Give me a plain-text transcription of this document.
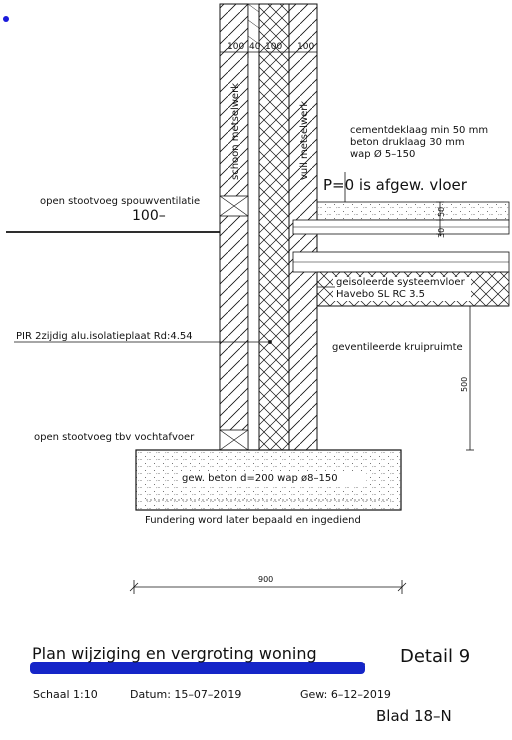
100 40 100 100
schoon metselwerk	vuil metselwerk	cementdeklaag min 50 mm
beton druklaag 30 mm
wap Ø 5–150
P=0 is afgew. vloer
50
30
500
open stootvoeg spouwventilatie
100–
PIR 2zijdig alu.isolatieplaat Rd:4.54
open stootvoeg tbv vochtafvoer
geisoleerde systeemvloer
Havebo SL RC 3.5
geventileerde kruipruimte
gew. beton d=200 wap ø8–150
Fundering word later bepaald en ingediend
900
Plan wijziging en vergroting woning	Detail 9
Schaal 1:10	Datum: 15–07–2019	Gew: 6–12–2019
Blad 18–N
